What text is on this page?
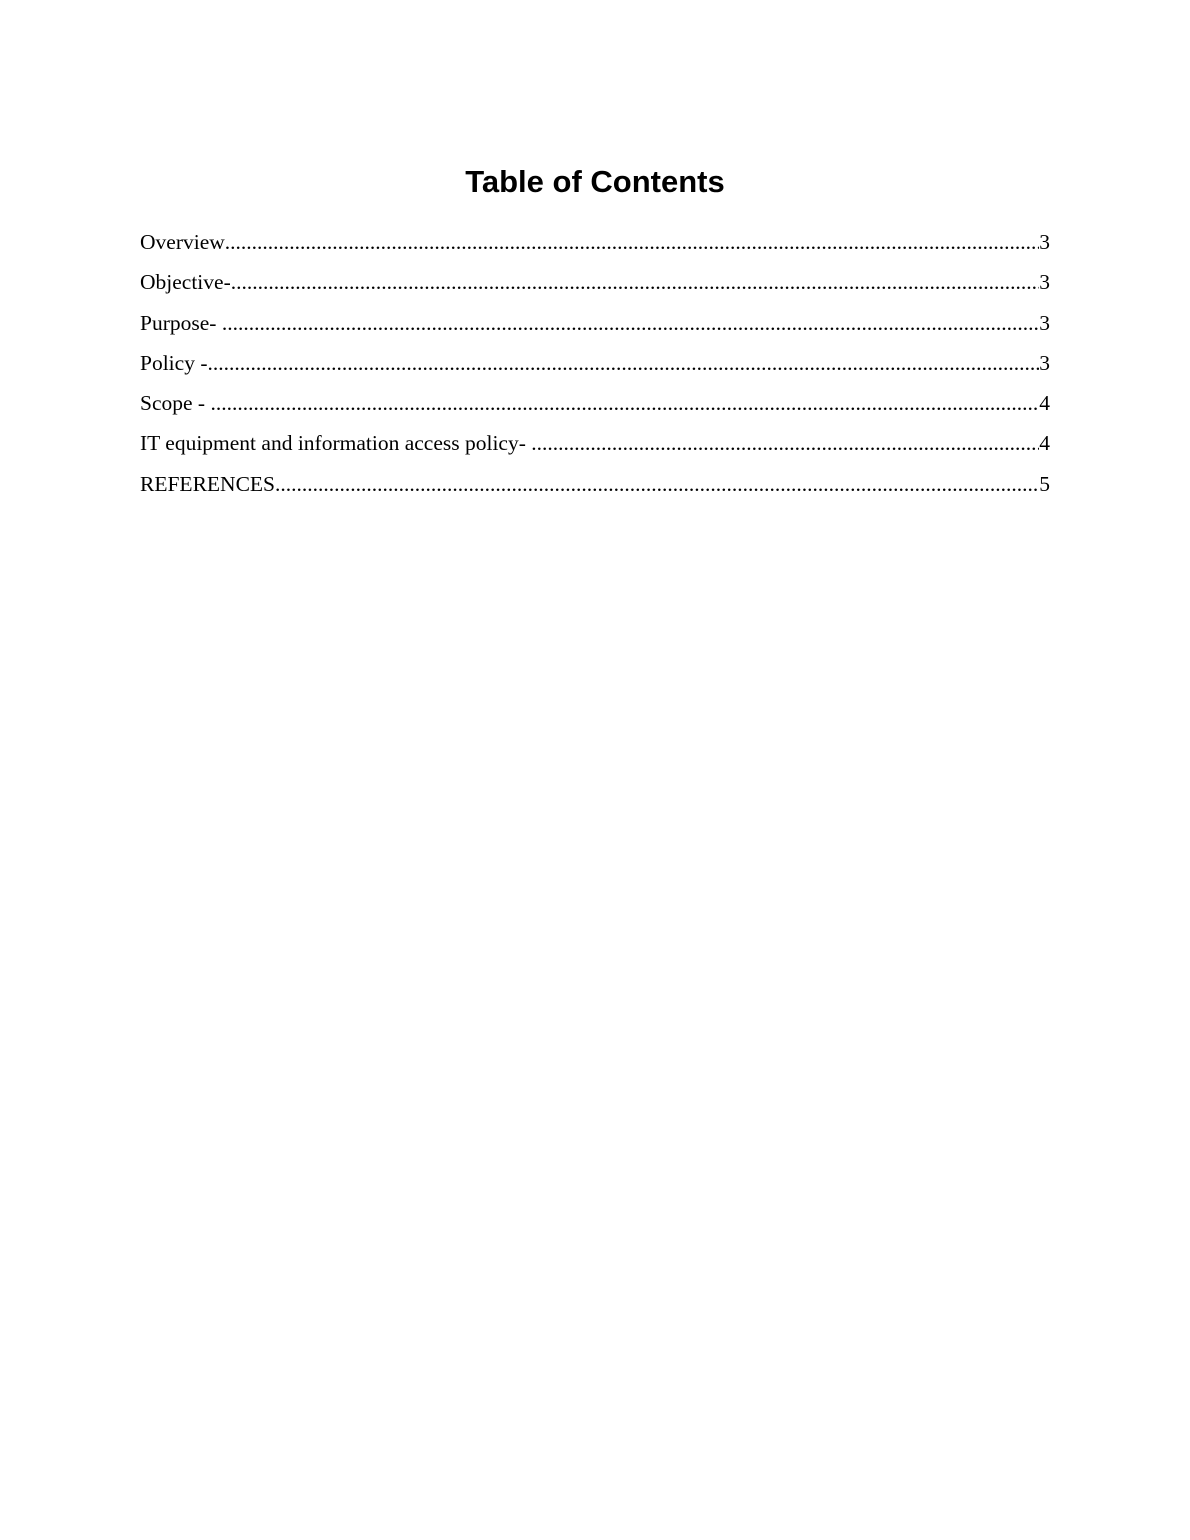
Table of Contents
Overview .....	3
Objective- .....	3
Purpose- .....	3
Policy - .....	3
Scope - .....	4
IT equipment and information access policy- .....	4
REFERENCES .....	5
